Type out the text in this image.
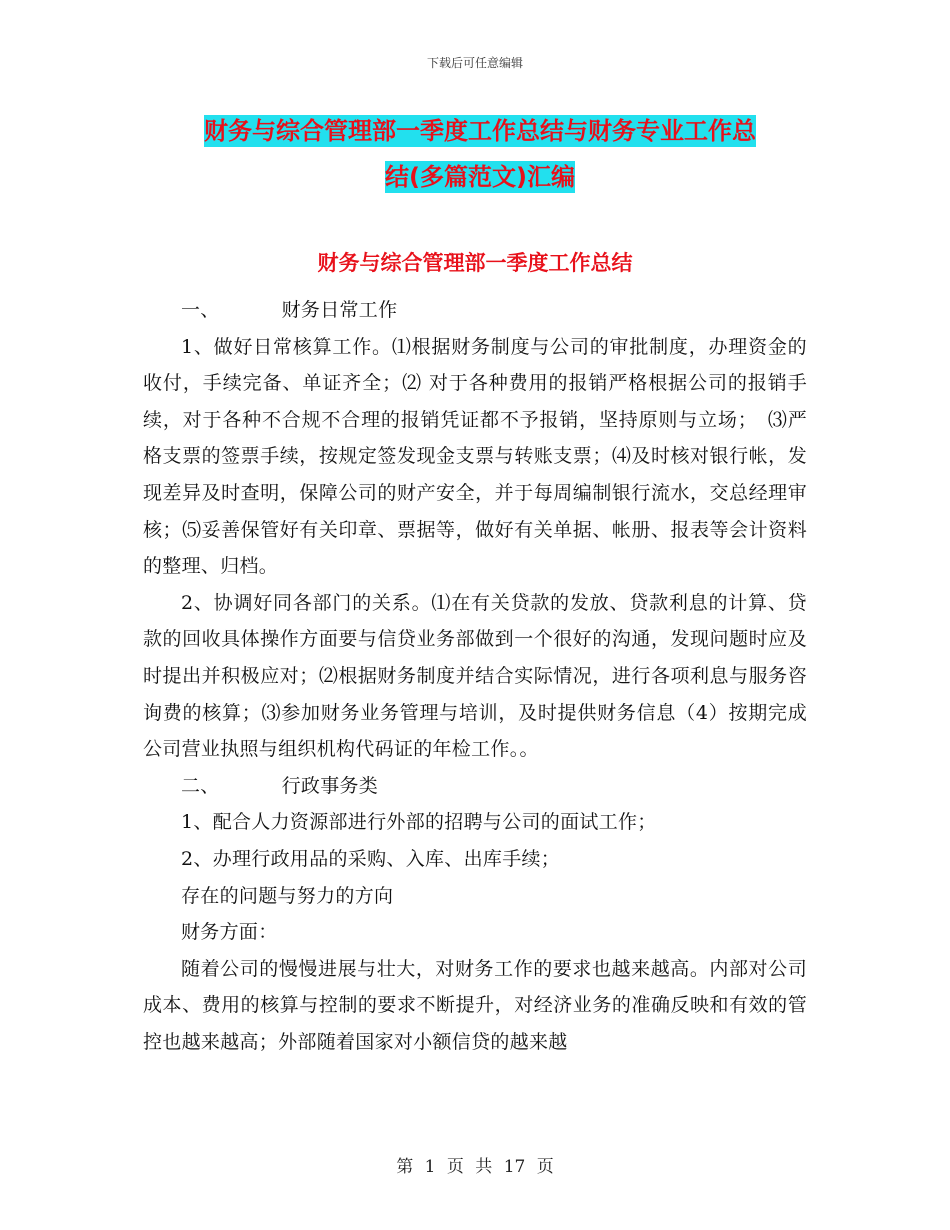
下载后可任意编辑
财务与综合管理部一季度工作总结与财务专业工作总
结(多篇范文)汇编
财务与综合管理部一季度工作总结

一、	财务日常工作

1、做好日常核算工作。⑴根据财务制度与公司的审批制度，办理资金的收付，手续完备、单证齐全；⑵ 对于各种费用的报销严格根据公司的报销手续，对于各种不合规不合理的报销凭证都不予报销，坚持原则与立场；　⑶严格支票的签票手续，按规定签发现金支票与转账支票；⑷及时核对银行帐，发现差异及时查明，保障公司的财产安全，并于每周编制银行流水，交总经理审核；⑸妥善保管好有关印章、票据等，做好有关单据、帐册、报表等会计资料的整理、归档。

2、协调好同各部门的关系。⑴在有关贷款的发放、贷款利息的计算、贷款的回收具体操作方面要与信贷业务部做到一个很好的沟通，发现问题时应及时提出并积极应对；⑵根据财务制度并结合实际情况，进行各项利息与服务咨询费的核算；⑶参加财务业务管理与培训，及时提供财务信息（4）按期完成公司营业执照与组织机构代码证的年检工作。。

二、	行政事务类

1、配合人力资源部进行外部的招聘与公司的面试工作；

2、办理行政用品的采购、入库、出库手续；

存在的问题与努力的方向

财务方面：

随着公司的慢慢进展与壮大，对财务工作的要求也越来越高。内部对公司成本、费用的核算与控制的要求不断提升，对经济业务的准确反映和有效的管控也越来越高；外部随着国家对小额信贷的越来越

第 1 页 共 17 页
